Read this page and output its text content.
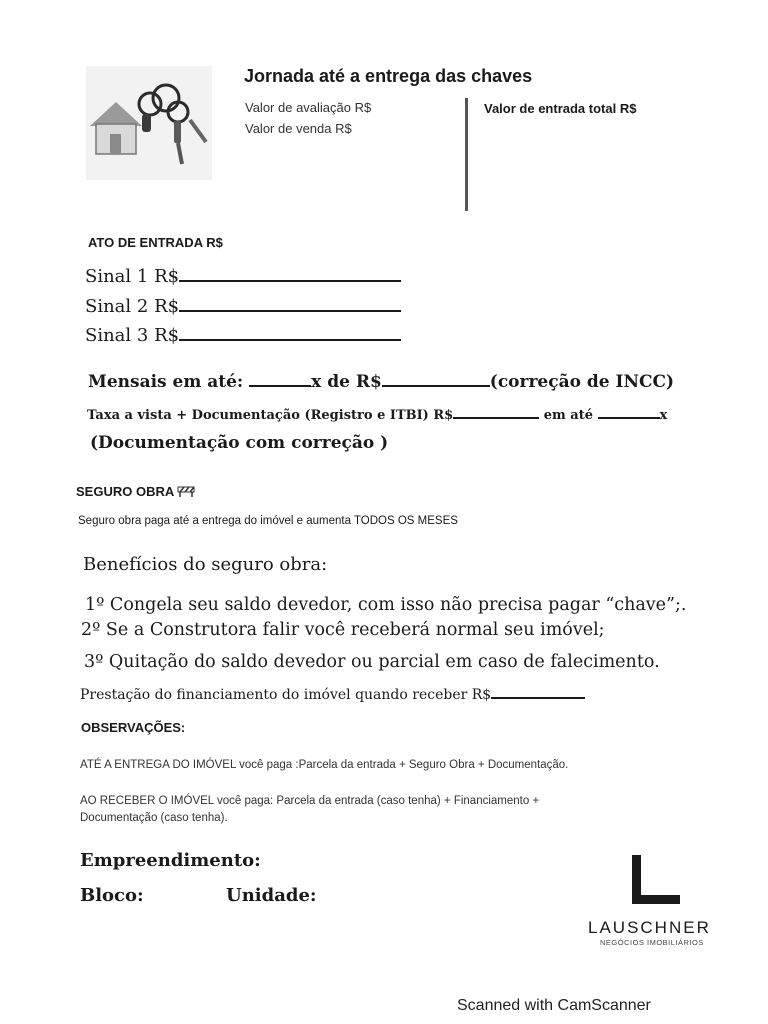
Jornada até a entrega das chaves
Valor de avaliação R$
Valor de venda R$
Valor de entrada total R$
ATO DE ENTRADA R$
Sinal 1 R$
Sinal 2 R$
Sinal 3 R$
Mensais em até:	x de R$	(correção de INCC)
Taxa a vista + Documentação (Registro e ITBI) R$	em até	x
(Documentação com correção )
SEGURO OBRA
Seguro obra paga até a entrega do imóvel e aumenta TODOS OS MESES
Benefícios do seguro obra:
1º Congela seu saldo devedor, com isso não precisa pagar “chave”;.
2º Se a Construtora falir você receberá normal seu imóvel;
3º Quitação do saldo devedor ou parcial em caso de falecimento.
Prestação do financiamento do imóvel quando receber R$
OBSERVAÇÕES:
ATÉ A ENTREGA DO IMÓVEL você paga :Parcela da entrada + Seguro Obra + Documentação.
AO RECEBER O IMÓVEL você paga: Parcela da entrada (caso tenha) + Financiamento +
Documentação (caso tenha).
Empreendimento:
Bloco:	Unidade:
LAUSCHNER
NEGÓCIOS IMOBILIÁRIOS
Scanned with CamScanner
